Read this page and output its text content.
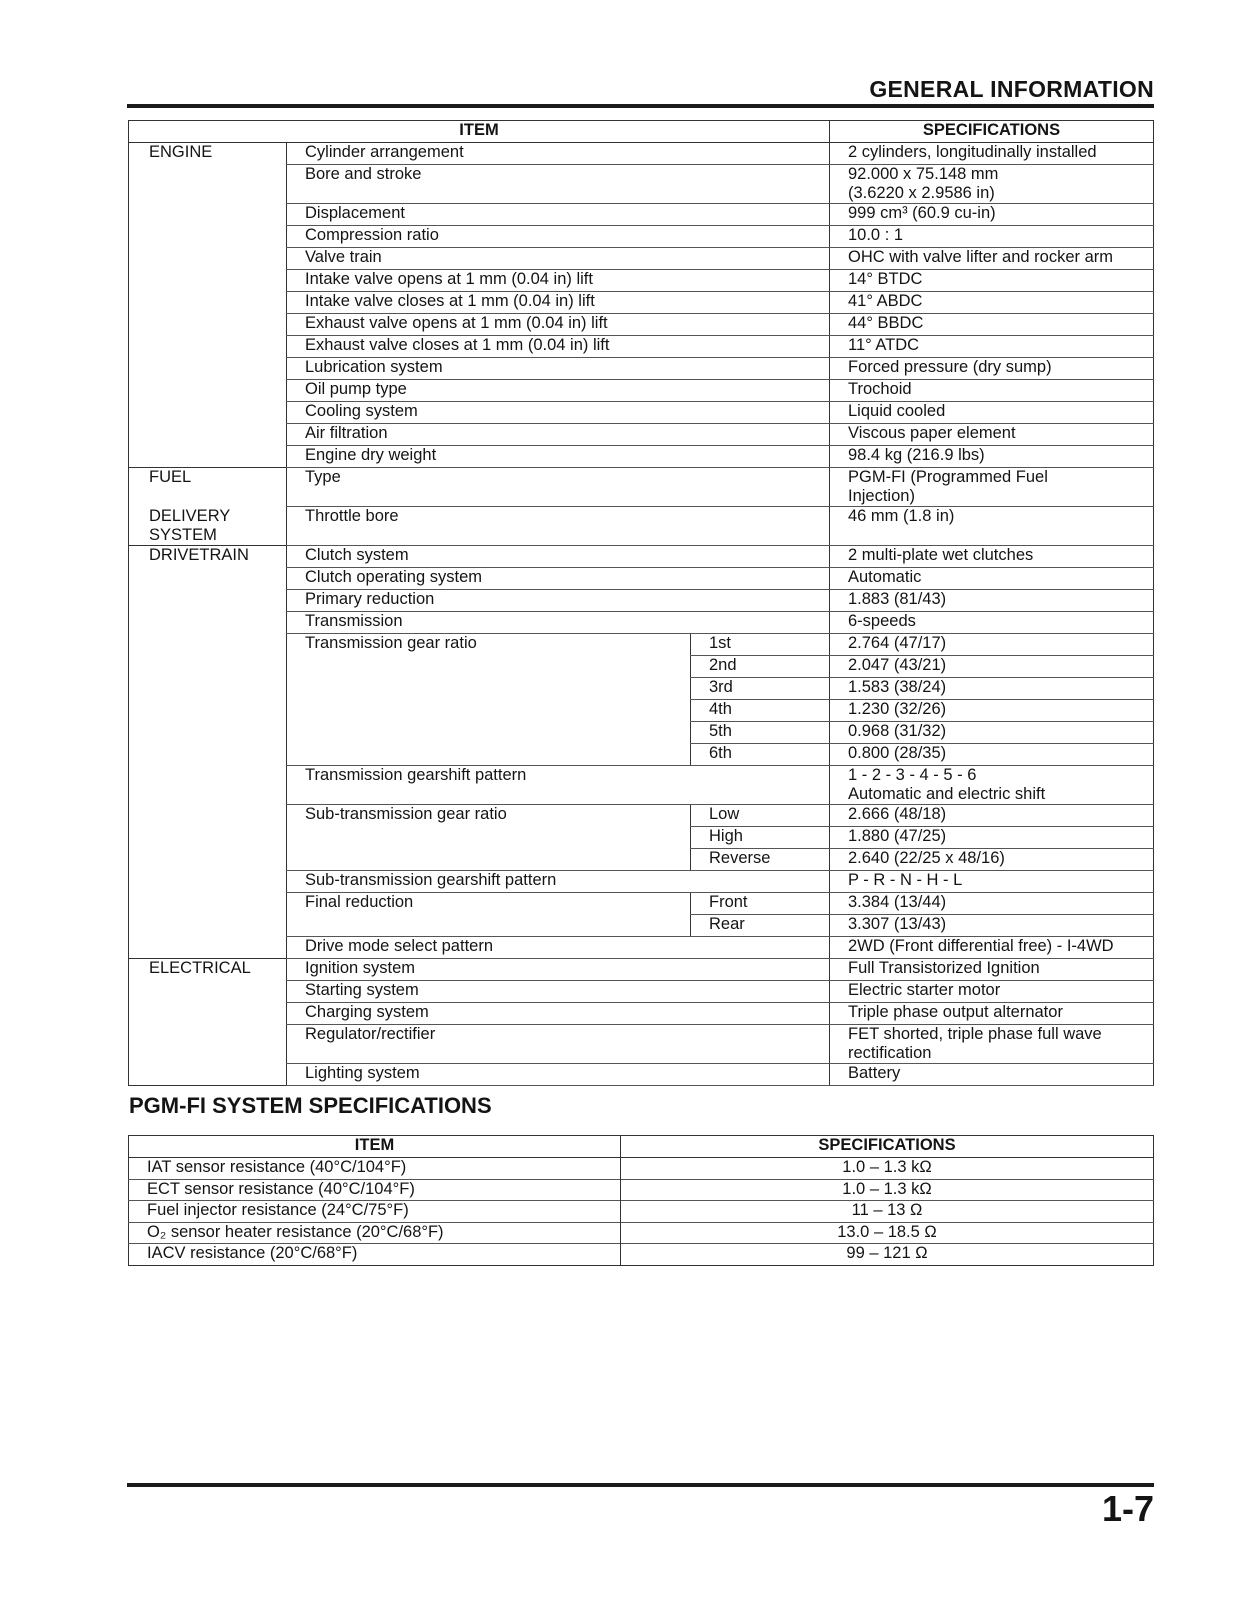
GENERAL INFORMATION
ITEM			SPECIFICATIONS
ENGINE	Cylinder arrangement		2 cylinders, longitudinally installed

	Bore and stroke		92.000 x 75.148 mm
(3.6220 x 2.9586 in)

	Displacement		999 cm³ (60.9 cu-in)

	Compression ratio		10.0 : 1

	Valve train		OHC with valve lifter and rocker arm

	Intake valve opens at 1 mm (0.04 in) lift		14° BTDC

	Intake valve closes at 1 mm (0.04 in) lift		41° ABDC

	Exhaust valve opens at 1 mm (0.04 in) lift		44° BBDC

	Exhaust valve closes at 1 mm (0.04 in) lift		11° ATDC

	Lubrication system		Forced pressure (dry sump)

	Oil pump type		Trochoid

	Cooling system		Liquid cooled

	Air filtration		Viscous paper element

	Engine dry weight		98.4 kg (216.9 lbs)

FUEL	Type		PGM-FI (Programmed Fuel
Injection)

DELIVERY SYSTEM	Throttle bore		46 mm (1.8 in)

DRIVETRAIN	Clutch system		2 multi-plate wet clutches

	Clutch operating system		Automatic

	Primary reduction		1.883 (81/43)

	Transmission		6-speeds

	Transmission gear ratio	1st	2.764 (47/17)

		2nd	2.047 (43/21)

		3rd	1.583 (38/24)

		4th	1.230 (32/26)

		5th	0.968 (31/32)

		6th	0.800 (28/35)

	Transmission gearshift pattern		1 - 2 - 3 - 4 - 5 - 6
Automatic and electric shift

	Sub-transmission gear ratio	Low	2.666 (48/18)

		High	1.880 (47/25)

		Reverse	2.640 (22/25 x 48/16)

	Sub-transmission gearshift pattern		P - R - N - H - L

	Final reduction	Front	3.384 (13/44)

		Rear	3.307 (13/43)

	Drive mode select pattern		2WD (Front differential free) - I-4WD

ELECTRICAL	Ignition system		Full Transistorized Ignition

	Starting system		Electric starter motor

	Charging system		Triple phase output alternator

	Regulator/rectifier		FET shorted, triple phase full wave
rectification

	Lighting system		Battery
PGM-FI SYSTEM SPECIFICATIONS
ITEM	SPECIFICATIONS
IAT sensor resistance (40°C/104°F)	1.0 – 1.3 kΩ
ECT sensor resistance (40°C/104°F)	1.0 – 1.3 kΩ
Fuel injector resistance (24°C/75°F)	11 – 13 Ω
O₂ sensor heater resistance (20°C/68°F)	13.0 – 18.5 Ω
IACV resistance (20°C/68°F)	99 – 121 Ω
1-7
